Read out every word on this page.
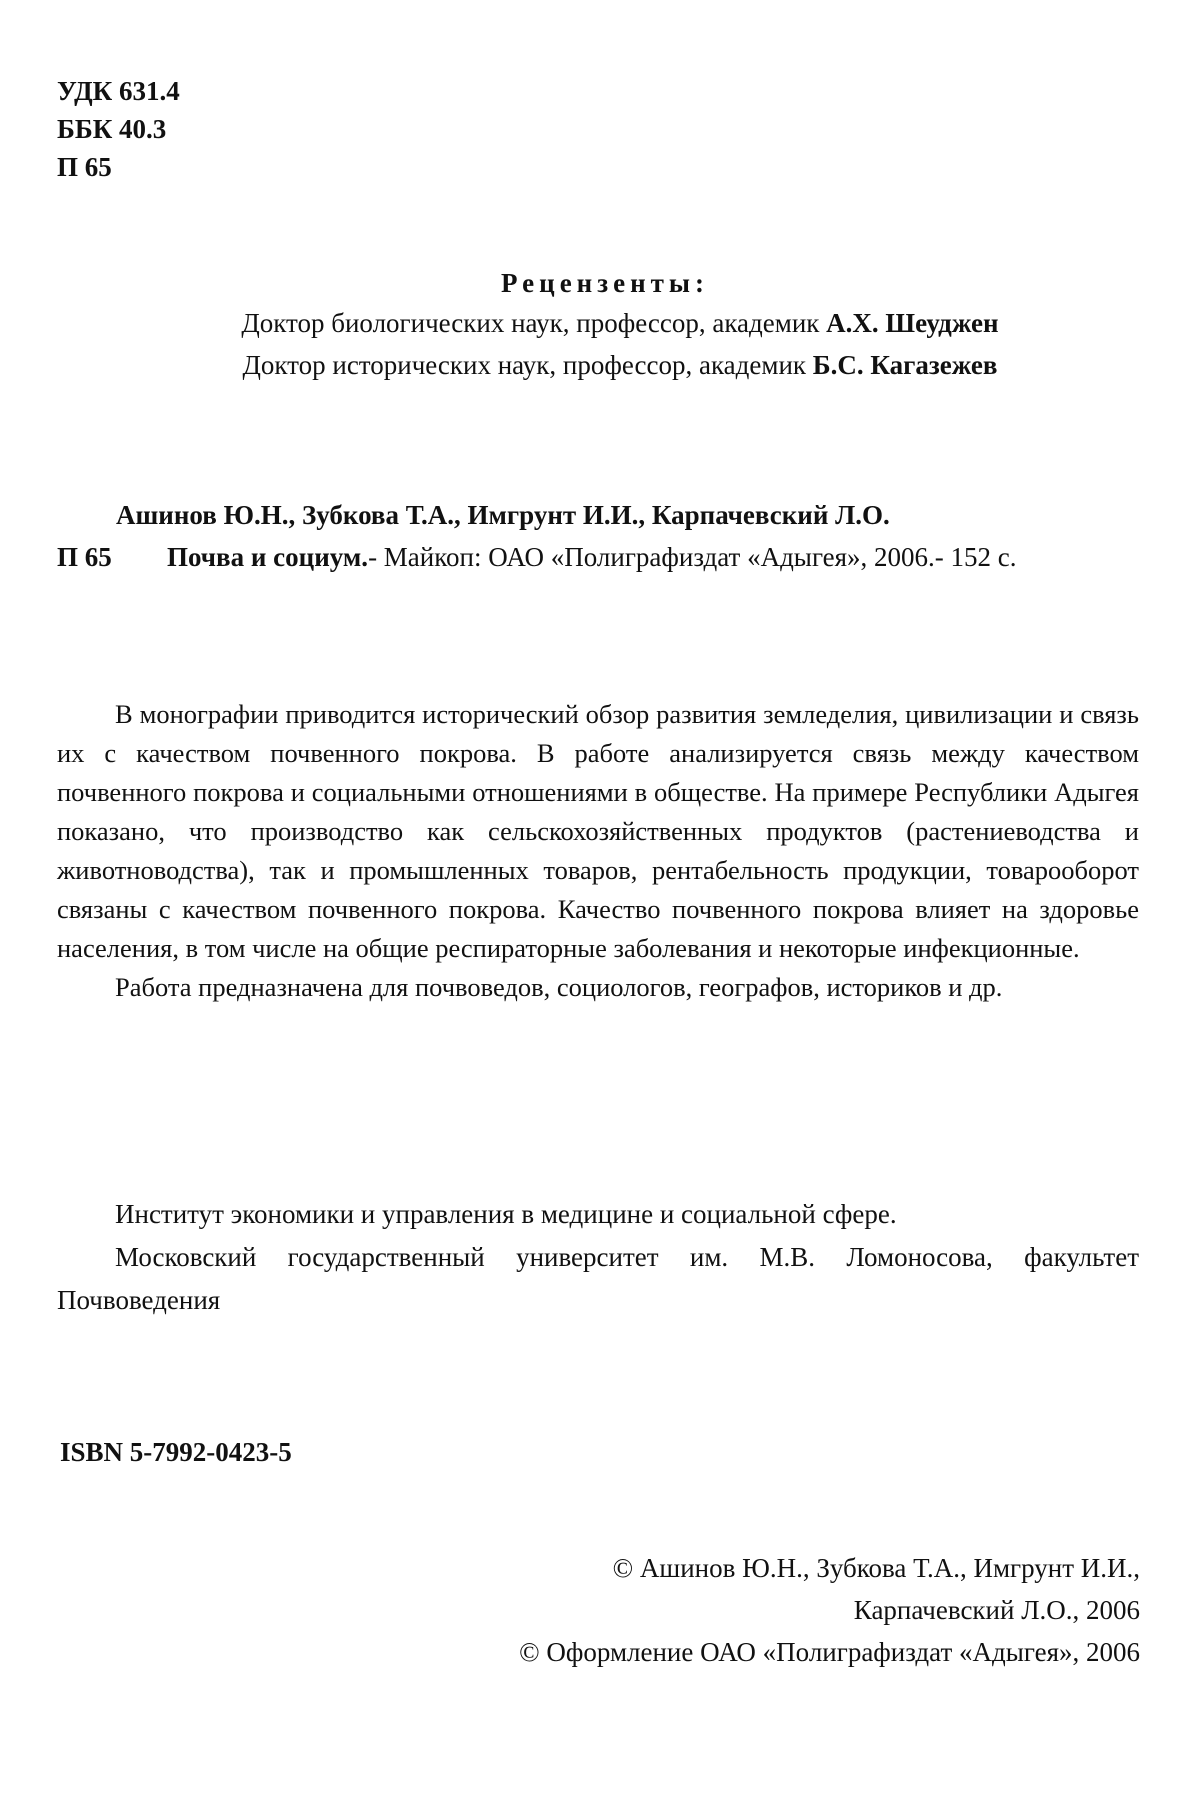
УДК 631.4
ББК 40.3
П 65
Рецензенты:
Доктор биологических наук, профессор, академик А.Х. Шеуджен
Доктор исторических наук, профессор, академик Б.С. Кагазежев
Ашинов Ю.Н., Зубкова Т.А., Имгрунт И.И., Карпачевский Л.О.
П 65 Почва и социум.- Майкоп: ОАО «Полиграфиздат «Адыгея», 2006.- 152 с.

В монографии приводится исторический обзор развития земледелия, цивилизации и связь их с качеством почвенного покрова. В работе анализируется связь между качеством почвенного покрова и социальными отношениями в обществе. На примере Республики Адыгея показано, что производство как сельскохозяйственных продуктов (растениеводства и животноводства), так и промышленных товаров, рентабельность продукции, товарооборот связаны с качеством почвенного покрова. Качество почвенного покрова влияет на здоровье населения, в том числе на общие респираторные заболевания и некоторые инфекционные.

Работа предназначена для почвоведов, социологов, географов, историков и др.

Институт экономики и управления в медицине и социальной сфере.

Московский государственный университет им. М.В. Ломоносова, факультет Почвоведения

ISBN 5-7992-0423-5
© Ашинов Ю.Н., Зубкова Т.А., Имгрунт И.И.,
Карпачевский Л.О., 2006
© Оформление ОАО «Полиграфиздат «Адыгея», 2006
